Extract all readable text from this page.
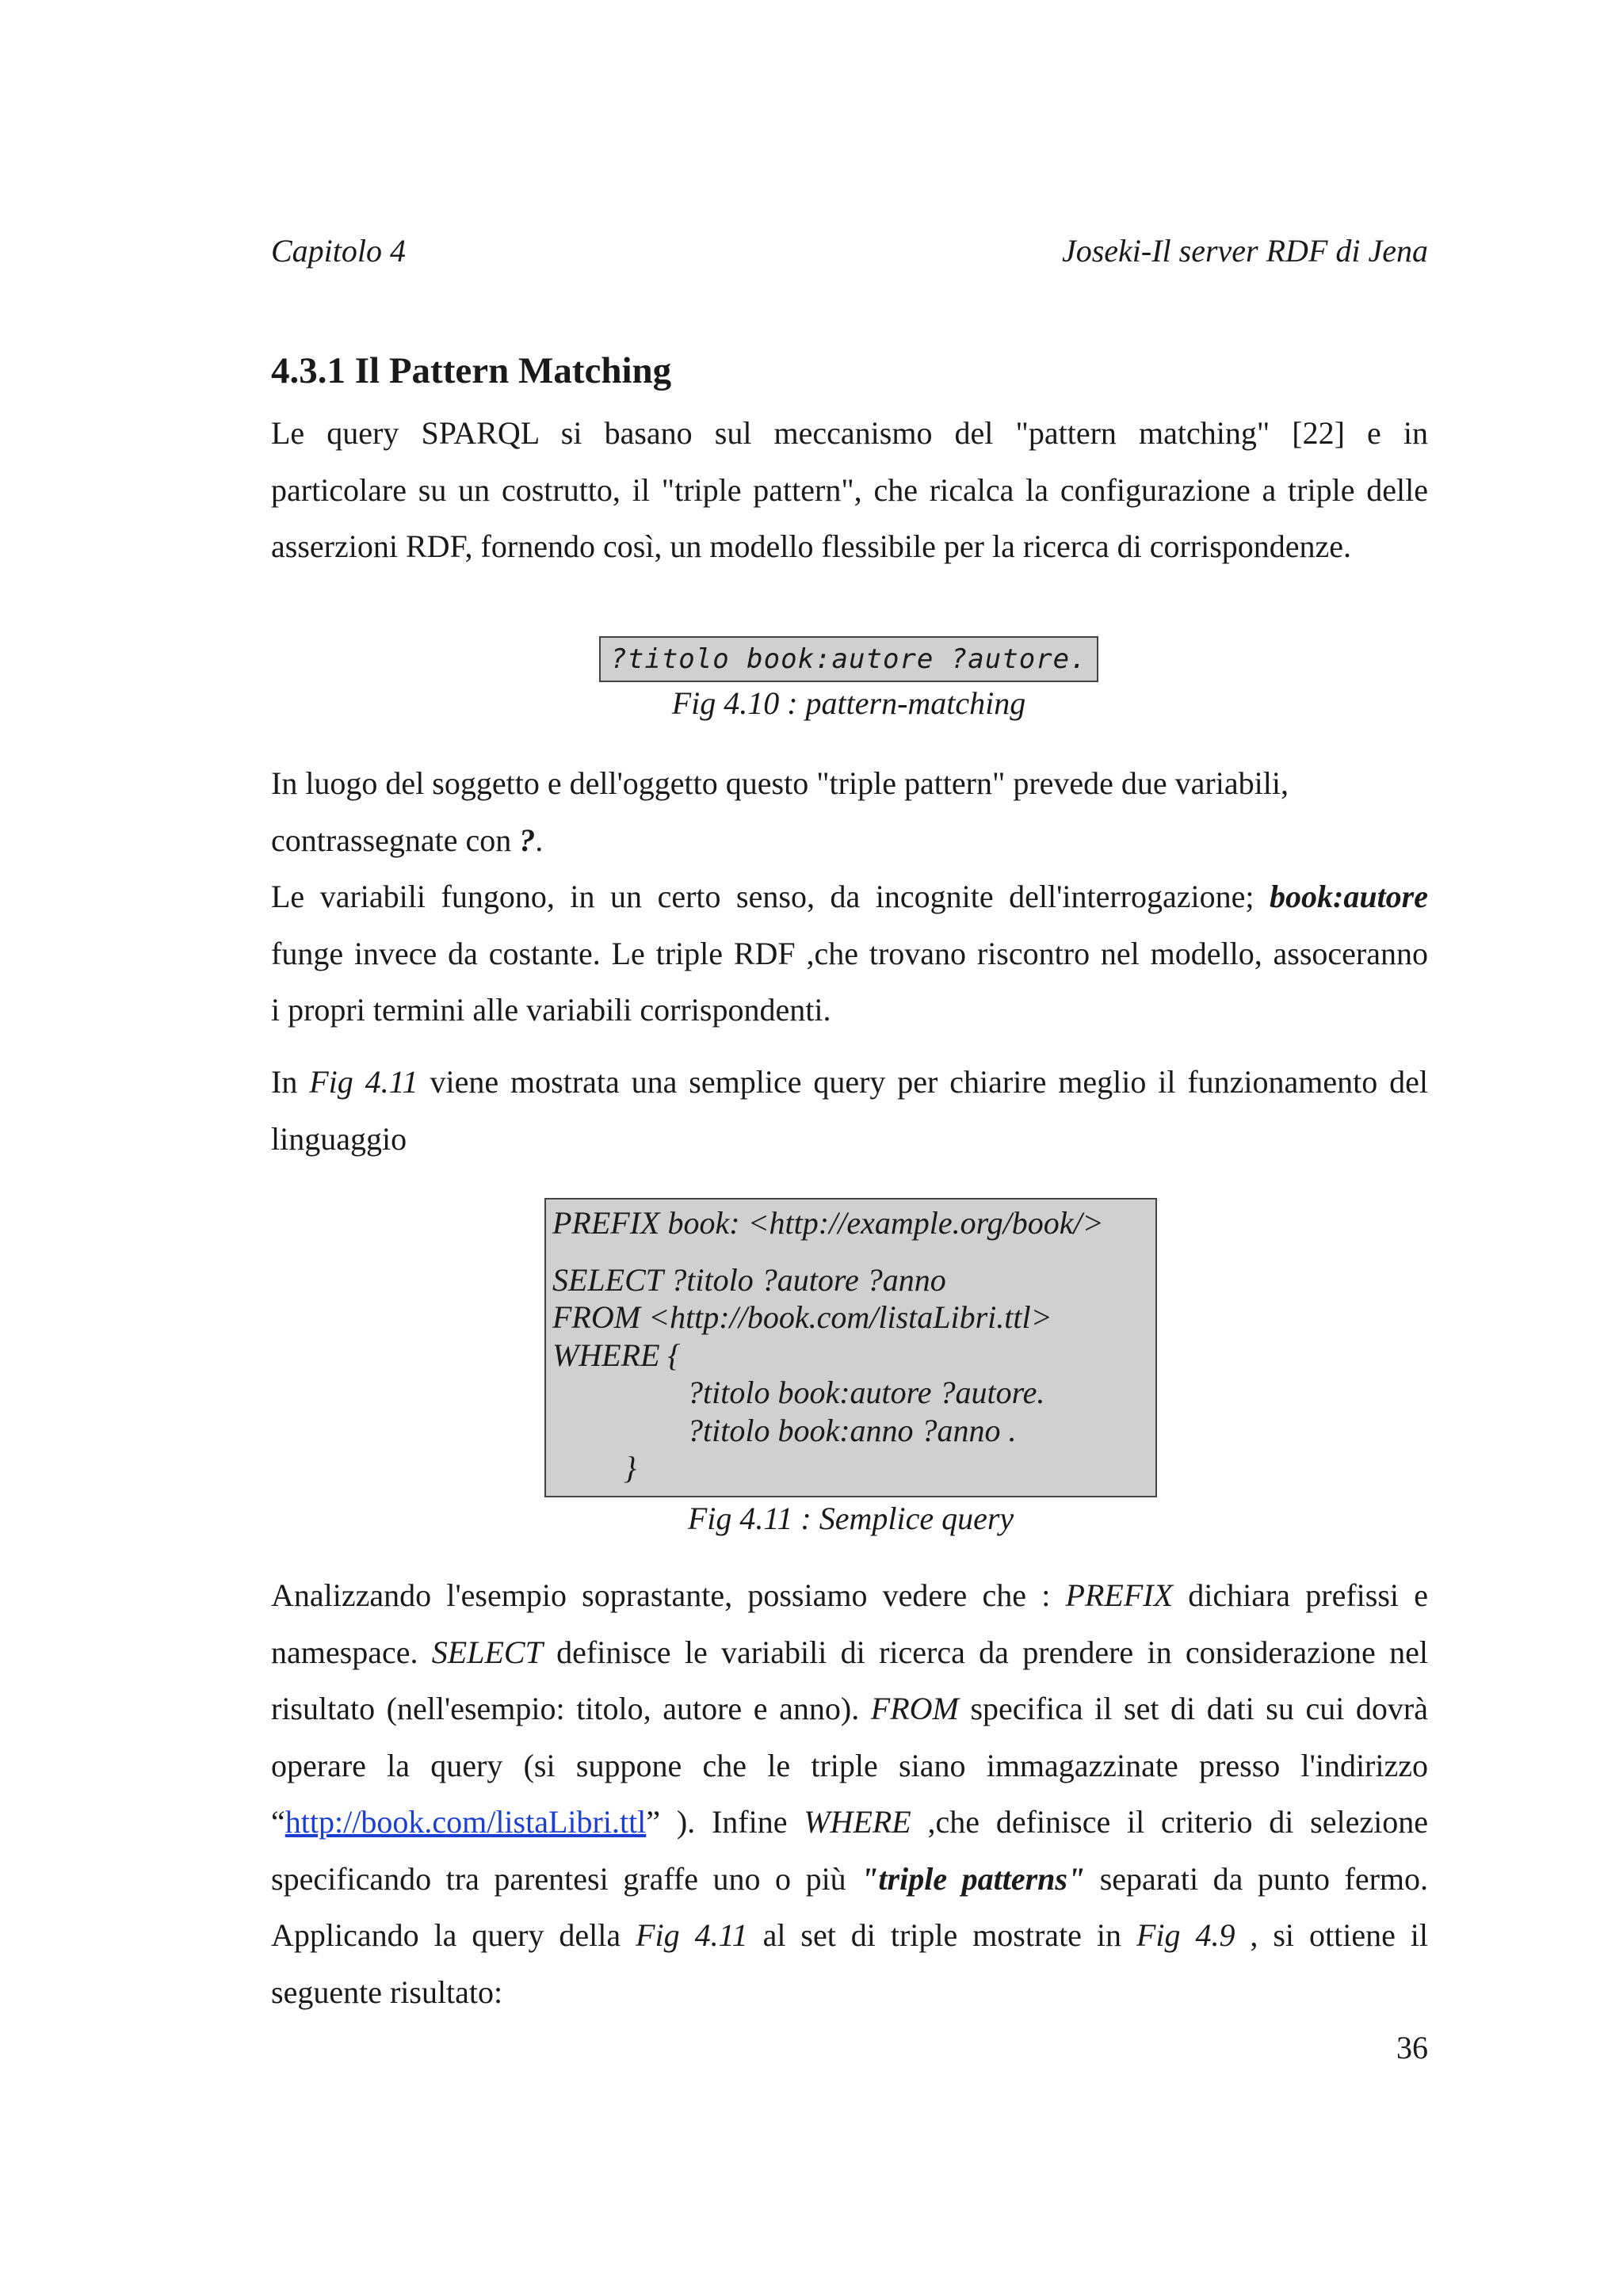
Capitolo 4	Joseki-Il server RDF di Jena
4.3.1 Il Pattern Matching
Le query SPARQL si basano sul meccanismo del "pattern matching" [22] e in
particolare su un costrutto, il "triple pattern", che ricalca la configurazione a triple delle
asserzioni RDF, fornendo così, un modello flessibile per la ricerca di corrispondenze.
?titolo book:autore ?autore.
Fig 4.10 : pattern-matching
In luogo del soggetto e dell'oggetto questo "triple pattern" prevede due variabili,
contrassegnate con ?.
Le variabili fungono, in un certo senso, da incognite dell'interrogazione; book:autore
funge invece da costante. Le triple RDF ,che trovano riscontro nel modello, assoceranno
i propri termini alle variabili corrispondenti.
In Fig 4.11 viene mostrata una semplice query per chiarire meglio il funzionamento del
linguaggio
PREFIX book: <http://example.org/book/>
SELECT ?titolo ?autore ?anno
FROM <http://book.com/listaLibri.ttl>
WHERE {
?titolo book:autore ?autore.
?titolo book:anno ?anno .
}
Fig 4.11 : Semplice query
Analizzando l'esempio soprastante, possiamo vedere che : PREFIX dichiara prefissi e
namespace. SELECT definisce le variabili di ricerca da prendere in considerazione nel
risultato (nell'esempio: titolo, autore e anno). FROM specifica il set di dati su cui dovrà
operare la query (si suppone che le triple siano immagazzinate presso l'indirizzo
“http://book.com/listaLibri.ttl” ). Infine WHERE ,che definisce il criterio di selezione
specificando tra parentesi graffe uno o più "triple patterns" separati da punto fermo.
Applicando la query della Fig 4.11 al set di triple mostrate in Fig 4.9 , si ottiene il
seguente risultato:
36
